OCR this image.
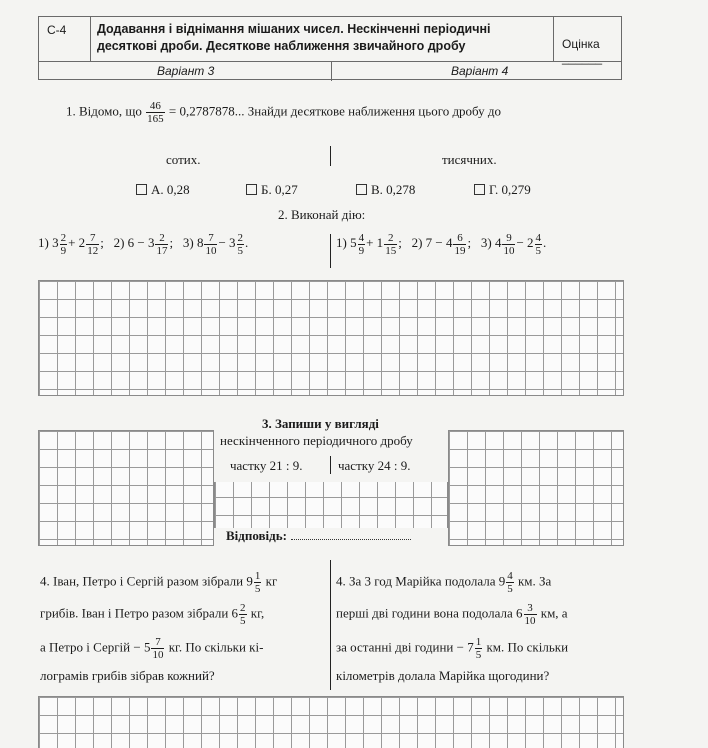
С-4	Додавання і віднімання мішаних чисел. Нескінченні періодичні
десяткові дроби. Десяткове наближення звичайного дробу	Оцінка ______
Варіант 3	Варіант 4
1. Відомо, що $\frac{46}{165} = 0,2787878$... Знайди десяткове наближення цього дробу до
сотих.	тисячних.
А. 0,28	Б. 0,27	В. 0,278	Г. 0,279
2. Виконай дію:
1) $3 \frac{2}{9} + 2 \frac{7}{12}$ ; 2) $6 - 3 \frac{2}{17}$ ; 3) $8 \frac{7}{10} - 3 \frac{2}{5}$ .	1) $5 \frac{4}{9} + 1 \frac{2}{15}$ ; 2) $7 - 4 \frac{6}{19}$ ; 3) $4 \frac{9}{10} - 2 \frac{4}{5}$ .
3. Запиши у вигляді
нескінченного періодичного дробу
частку 21 : 9.	частку 24 : 9.
Відповідь:
4. Іван, Петро і Сергій разом зібрали $9 \frac{1}{5}$ кг
грибів. Іван і Петро разом зібрали $6 \frac{2}{5}$ кг,
а Петро і Сергій − $5 \frac{7}{10}$ кг. По скільки кі-
лограмів грибів зібрав кожний?
4. За 3 год Марійка подолала $9 \frac{4}{5}$ км. За
перші дві години вона подолала $6 \frac{3}{10}$ км, а
за останні дві години − $7 \frac{1}{5}$ км. По скільки
кілометрів долала Марійка щогодини?
